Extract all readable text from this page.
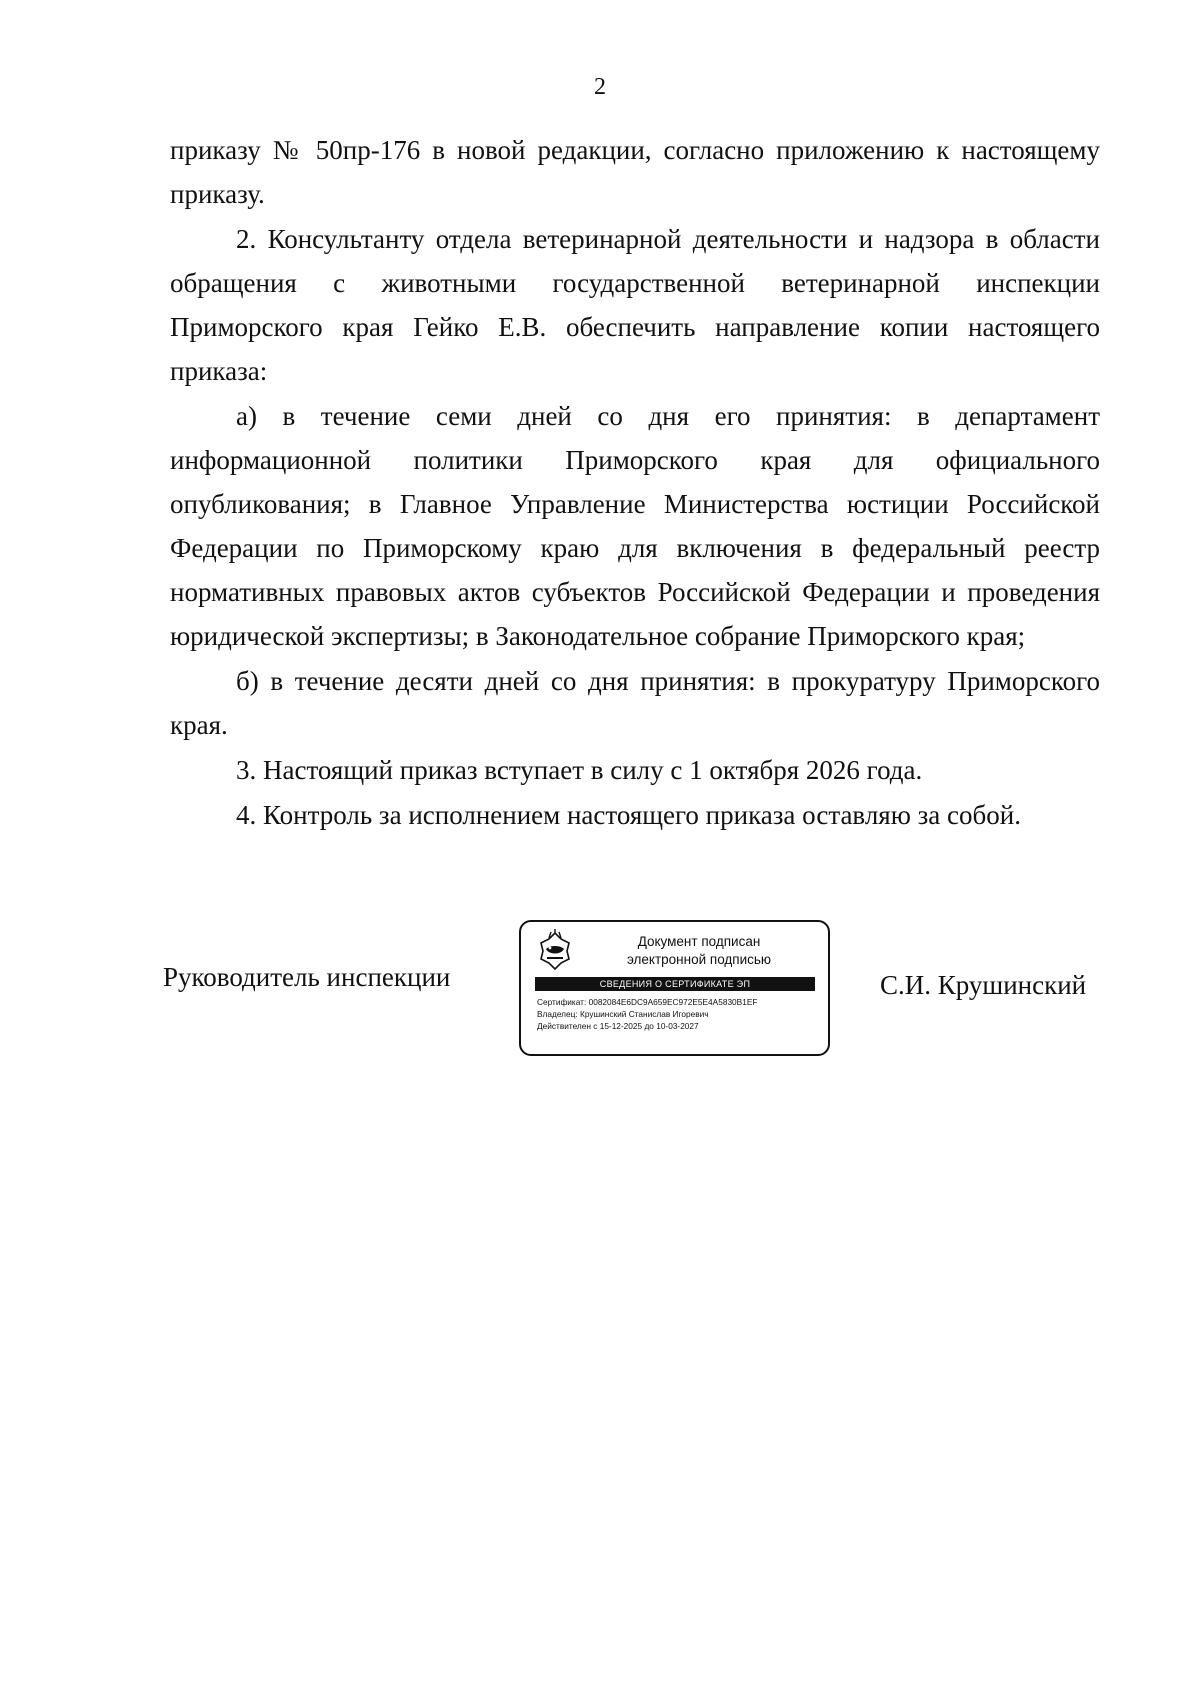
2

приказу № 50пр-176 в новой редакции, согласно приложению к настоящему приказу.

2. Консультанту отдела ветеринарной деятельности и надзора в области обращения с животными государственной ветеринарной инспекции Приморского края Гейко Е.В. обеспечить направление копии настоящего приказа:

а) в течение семи дней со дня его принятия: в департамент информационной политики Приморского края для официального опубликования; в Главное Управление Министерства юстиции Российской Федерации по Приморскому краю для включения в федеральный реестр нормативных правовых актов субъектов Российской Федерации и проведения юридической экспертизы; в Законодательное собрание Приморского края;

б) в течение десяти дней со дня принятия: в прокуратуру Приморского края.

3. Настоящий приказ вступает в силу с 1 октября 2026 года.

4. Контроль за исполнением настоящего приказа оставляю за собой.

Руководитель инспекции
Документ подписан
электронной подписью
СВЕДЕНИЯ О СЕРТИФИКАТЕ ЭП
Сертификат: 0082084E6DC9A659EC972E5E4A5830B1EF
Владелец: Крушинский Станислав Игоревич
Действителен с 15-12-2025 до 10-03-2027
С.И. Крушинский
